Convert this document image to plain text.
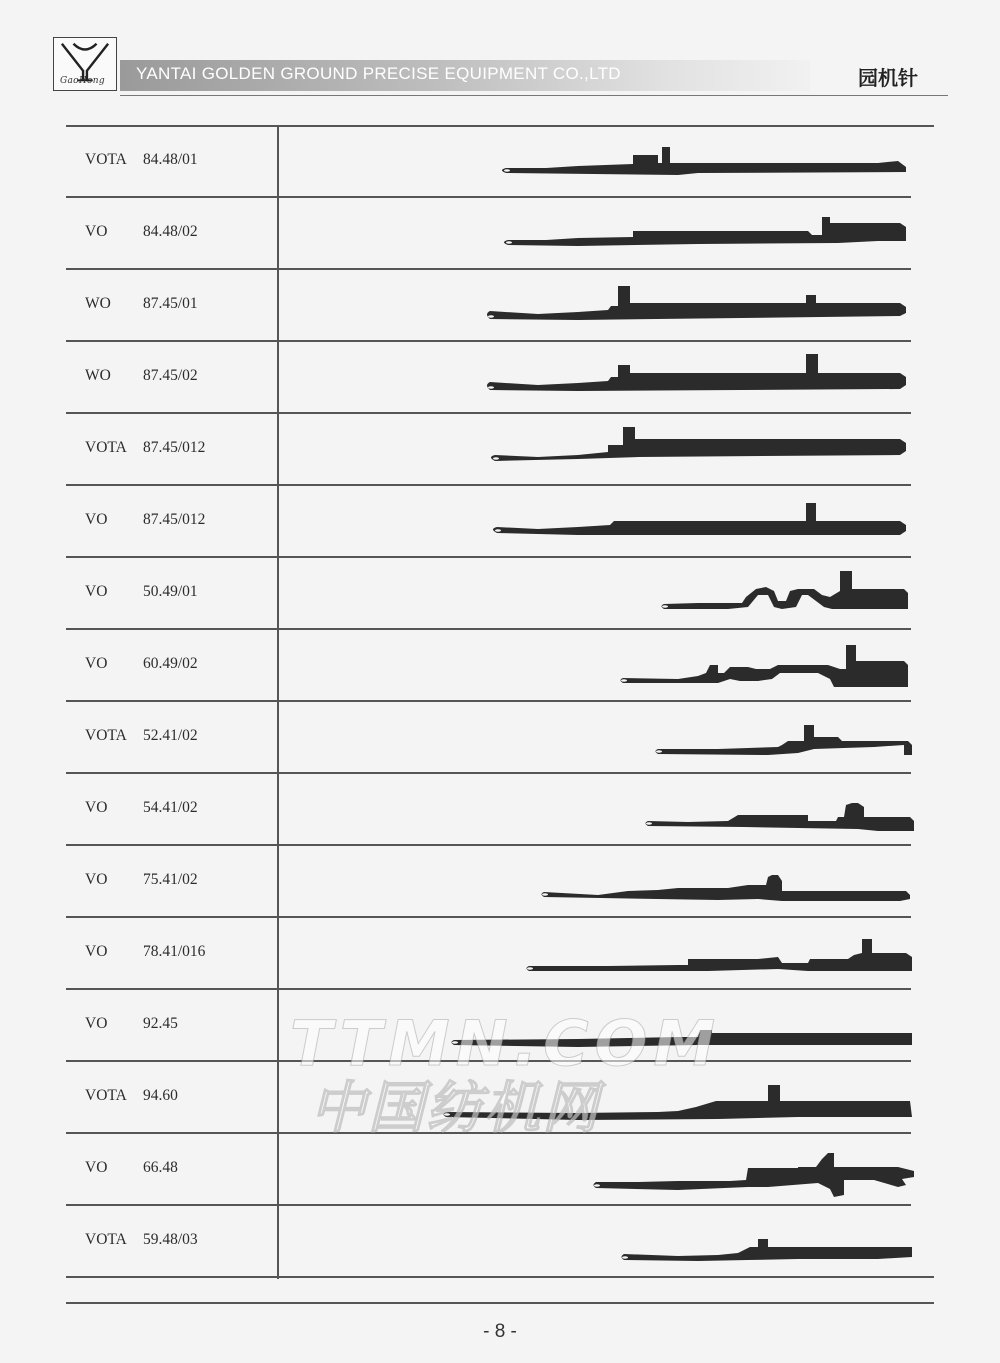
GaoHong YANTAI GOLDEN GROUND PRECISE EQUIPMENT CO.,LTD	园机针
VOTA 84.48/01
VO 84.48/02
WO 87.45/01
WO 87.45/02
VOTA 87.45/012
VO 87.45/012
VO 50.49/01
VO 60.49/02
VOTA 52.41/02
VO 54.41/02
VO 75.41/02
VO 78.41/016
VO 92.45
VOTA 94.60
VO 66.48
VOTA 59.48/03
TTMN.COM
中国纺机网
- 8 -
